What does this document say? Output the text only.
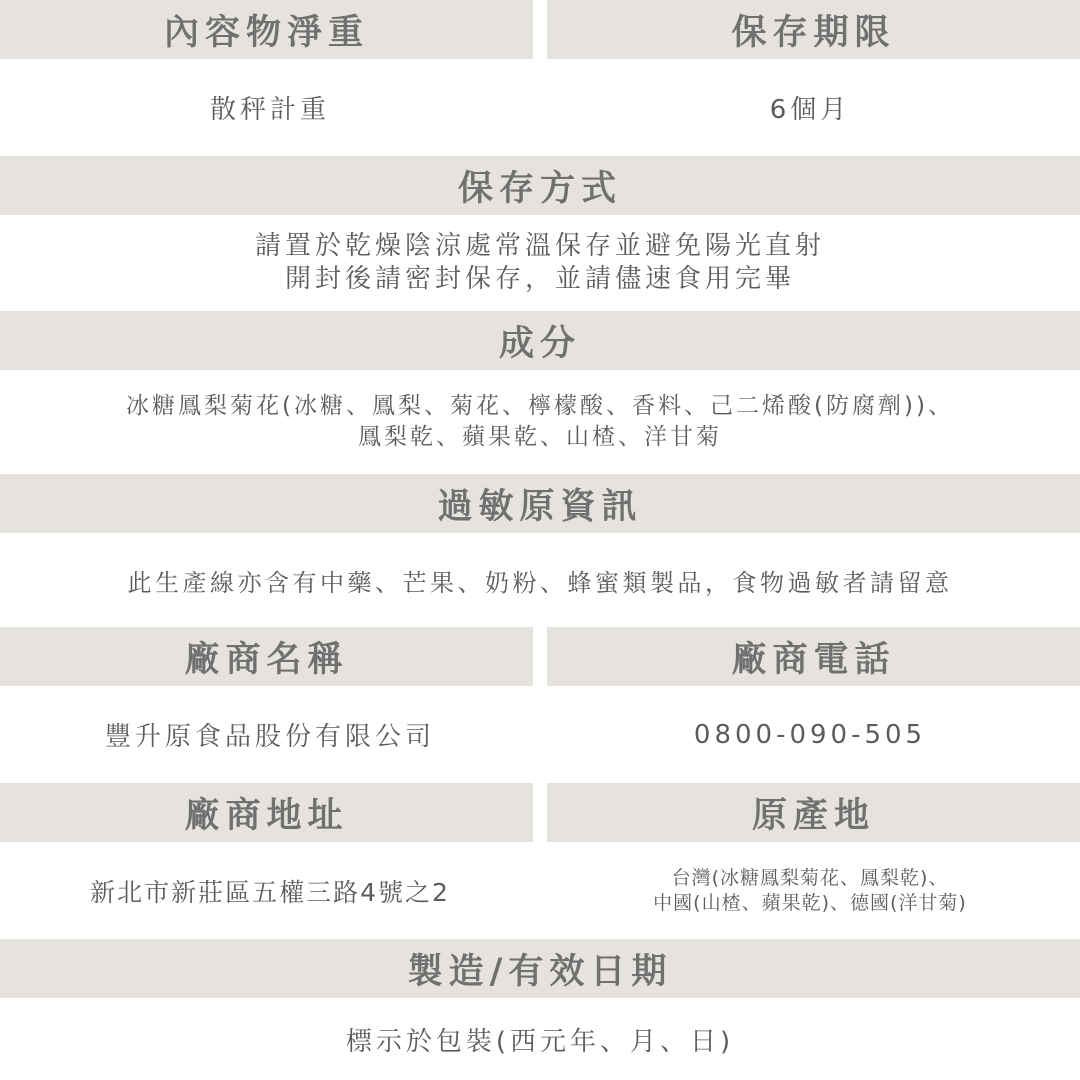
內容物淨重	保存期限
散秤計重	6個月
保存方式
請置於乾燥陰涼處常溫保存並避免陽光直射
開封後請密封保存，並請儘速食用完畢
成分
冰糖鳳梨菊花(冰糖、鳳梨、菊花、檸檬酸、香料、己二烯酸(防腐劑))、
鳳梨乾、蘋果乾、山楂、洋甘菊
過敏原資訊
此生產線亦含有中藥、芒果、奶粉、蜂蜜類製品，食物過敏者請留意
廠商名稱	廠商電話
豐升原食品股份有限公司	0800-090-505
廠商地址	原產地
新北市新莊區五權三路4號之2	台灣(冰糖鳳梨菊花、鳳梨乾)、
中國(山楂、蘋果乾)、德國(洋甘菊)
製造/有效日期
標示於包裝(西元年、月、日)
